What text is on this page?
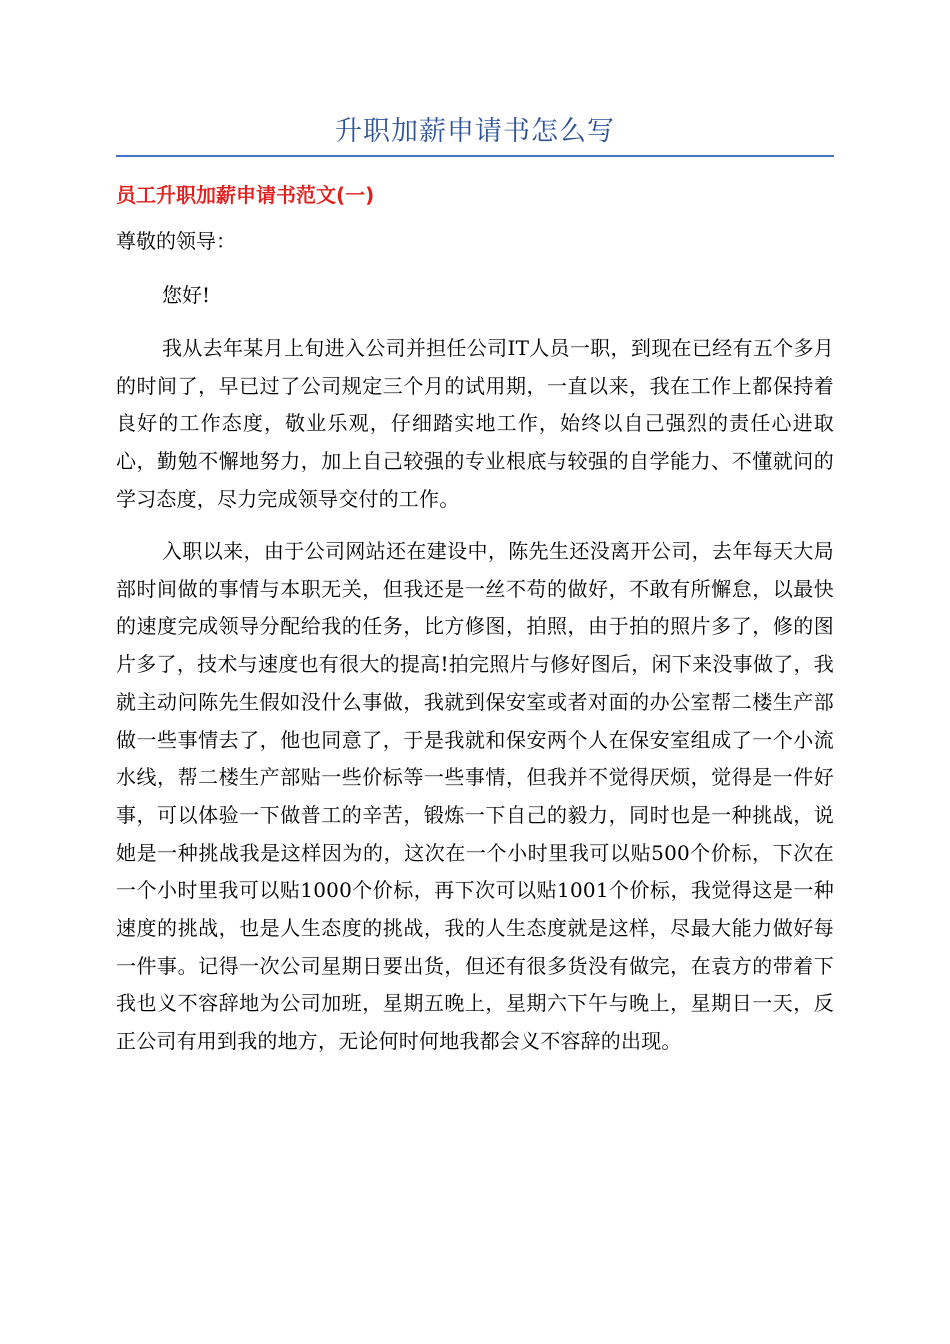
升职加薪申请书怎么写
员工升职加薪申请书范文(一)
尊敬的领导：
您好!

我从去年某月上旬进入公司并担任公司IT人员一职，到现在已经有五个多月的时间了，早已过了公司规定三个月的试用期，一直以来，我在工作上都保持着良好的工作态度，敬业乐观，仔细踏实地工作，始终以自己强烈的责任心进取心，勤勉不懈地努力，加上自己较强的专业根底与较强的自学能力、不懂就问的学习态度，尽力完成领导交付的工作。

入职以来，由于公司网站还在建设中，陈先生还没离开公司，去年每天大局部时间做的事情与本职无关，但我还是一丝不苟的做好，不敢有所懈怠，以最快的速度完成领导分配给我的任务，比方修图，拍照，由于拍的照片多了，修的图片多了，技术与速度也有很大的提高!拍完照片与修好图后，闲下来没事做了，我就主动问陈先生假如没什么事做，我就到保安室或者对面的办公室帮二楼生产部做一些事情去了，他也同意了，于是我就和保安两个人在保安室组成了一个小流水线，帮二楼生产部贴一些价标等一些事情，但我并不觉得厌烦，觉得是一件好事，可以体验一下做普工的辛苦，锻炼一下自己的毅力，同时也是一种挑战，说她是一种挑战我是这样因为的，这次在一个小时里我可以贴500个价标，下次在一个小时里我可以贴1000个价标，再下次可以贴1001个价标，我觉得这是一种速度的挑战，也是人生态度的挑战，我的人生态度就是这样，尽最大能力做好每一件事。记得一次公司星期日要出货，但还有很多货没有做完，在袁方的带着下我也义不容辞地为公司加班，星期五晚上，星期六下午与晚上，星期日一天，反正公司有用到我的地方，无论何时何地我都会义不容辞的出现。
